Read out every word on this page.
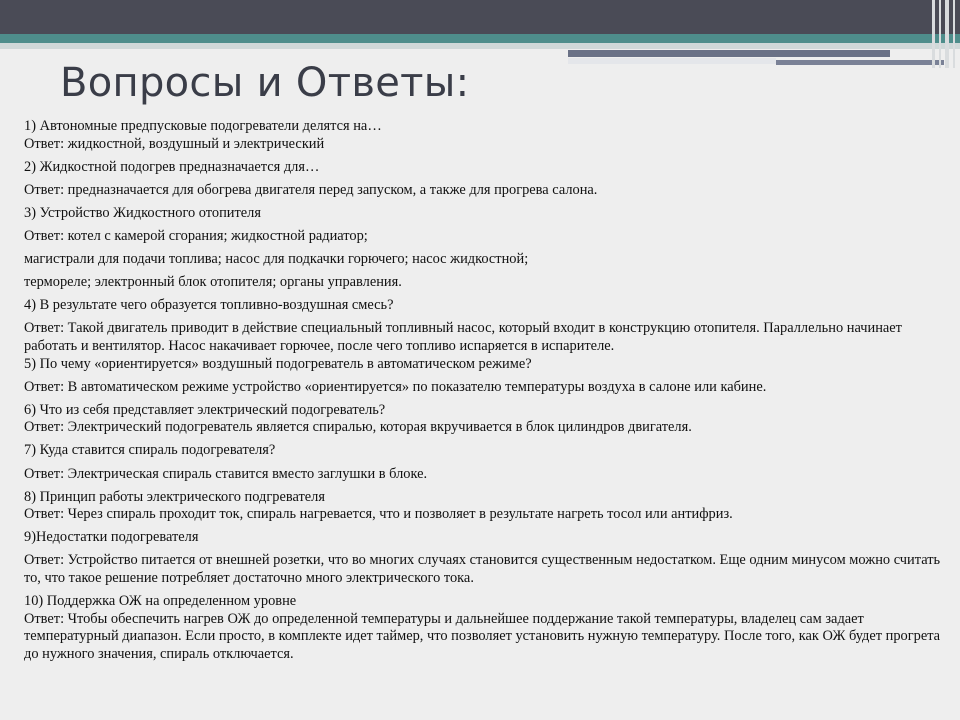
Вопросы и Ответы:

1) Автономные предпусковые подогреватели делятся на…

Ответ: жидкостной, воздушный и электрический

2) Жидкостной подогрев предназначается для…

Ответ: предназначается для обогрева двигателя перед запуском, а также для прогрева салона.

3) Устройство Жидкостного отопителя

Ответ: котел с камерой сгорания; жидкостной радиатор;

магистрали для подачи топлива; насос для подкачки горючего; насос жидкостной;

термореле; электронный блок отопителя; органы управления.

4) В результате чего образуется топливно-воздушная смесь?

Ответ: Такой двигатель приводит в действие специальный топливный насос, который входит в конструкцию отопителя. Параллельно начинает работать и вентилятор. Насос накачивает горючее, после чего топливо испаряется в испарителе.

5) По чему «ориентируется» воздушный подогреватель в автоматическом режиме?

Ответ: В автоматическом режиме устройство «ориентируется» по показателю температуры воздуха в салоне или кабине.

6) Что из себя представляет электрический подогреватель?

Ответ: Электрический подогреватель является спиралью, которая вкручивается в блок цилиндров двигателя.

7) Куда ставится спираль подогревателя?

Ответ: Электрическая спираль ставится вместо заглушки в блоке.

8) Принцип работы электрического подгревателя

Ответ: Через спираль проходит ток, спираль нагревается, что и позволяет в результате нагреть тосол или антифриз.

9)Недостатки подогревателя

Ответ: Устройство питается от внешней розетки, что во многих случаях становится существенным недостатком. Еще одним минусом можно считать то, что такое решение потребляет достаточно много электрического тока.

10) Поддержка ОЖ на определенном уровне

Ответ: Чтобы обеспечить нагрев ОЖ до определенной температуры и дальнейшее поддержание такой температуры, владелец сам задает температурный диапазон. Если просто, в комплекте идет таймер, что позволяет установить нужную температуру. После того, как ОЖ будет прогрета до нужного значения, спираль отключается.
